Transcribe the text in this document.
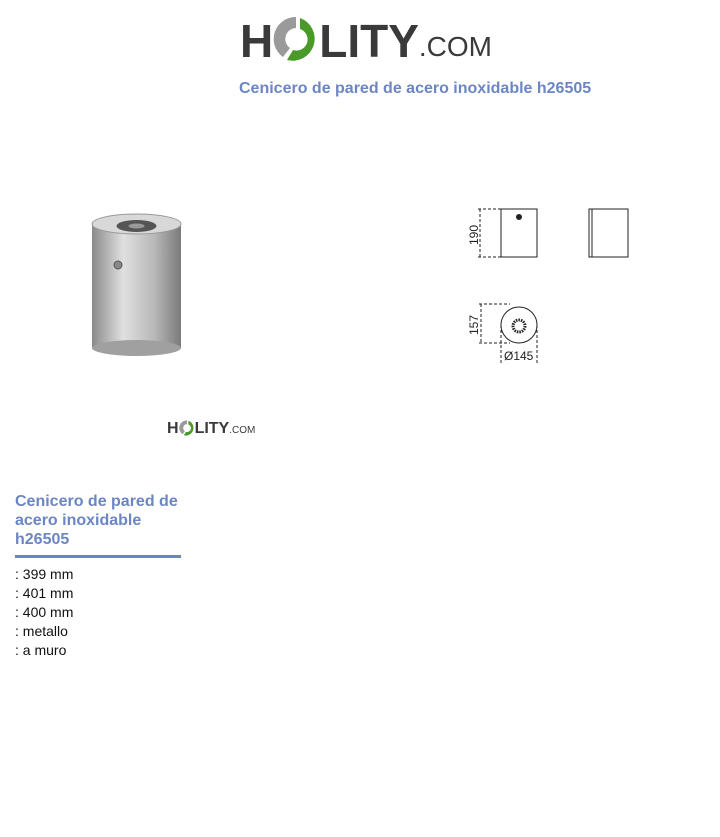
H LITY .COM
Cenicero de pared de acero inoxidable h26505
H LITY .COM
190
157
Ø145
Cenicero de pared de acero inoxidable h26505
: 399 mm
: 401 mm
: 400 mm
: metallo
: a muro
